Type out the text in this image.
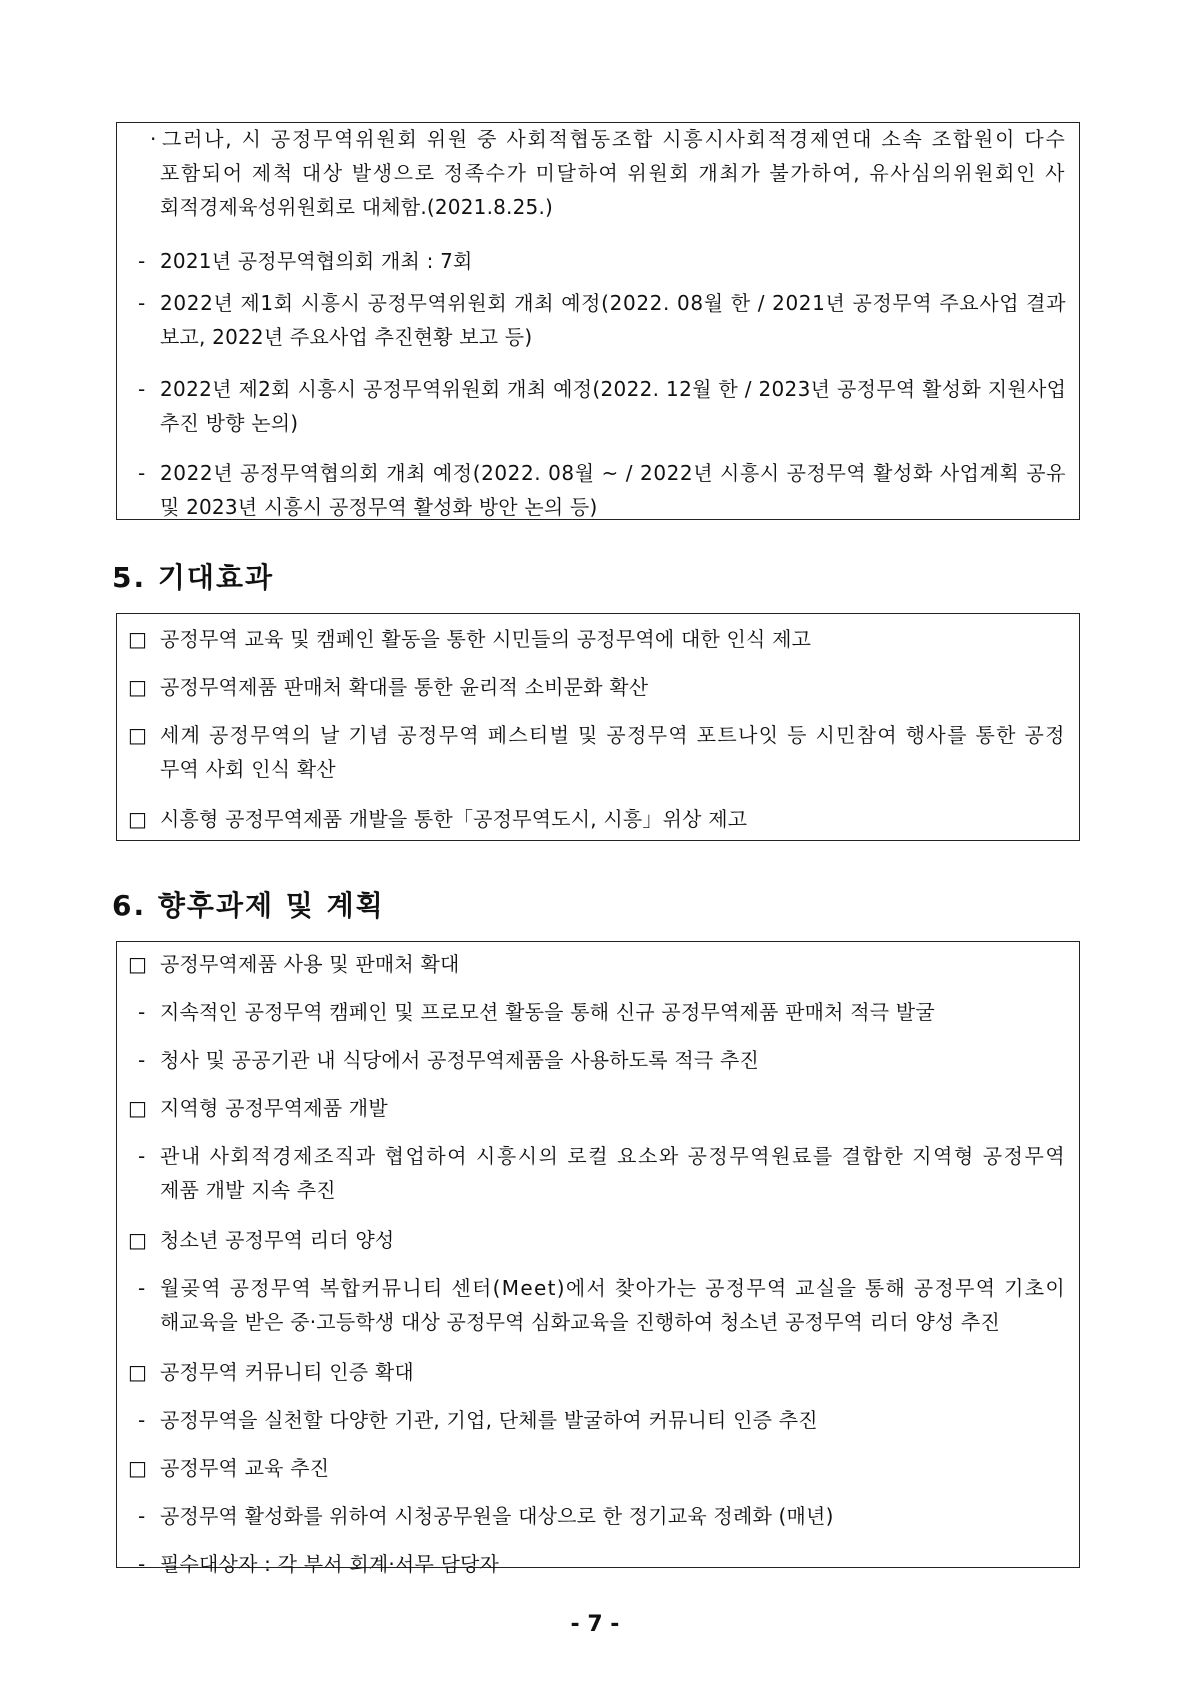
· 그러나, 시 공정무역위원회 위원 중 사회적협동조합 시흥시사회적경제연대 소속 조합원이 다수
포함되어 제척 대상 발생으로 정족수가 미달하여 위원회 개최가 불가하여, 유사심의위원회인 사
회적경제육성위원회로 대체함.(2021.8.25.)
- 2021년 공정무역협의회 개최 : 7회
- 2022년 제1회 시흥시 공정무역위원회 개최 예정(2022. 08월 한 / 2021년 공정무역 주요사업 결과
보고, 2022년 주요사업 추진현황 보고 등)
- 2022년 제2회 시흥시 공정무역위원회 개최 예정(2022. 12월 한 / 2023년 공정무역 활성화 지원사업
추진 방향 논의)
- 2022년 공정무역협의회 개최 예정(2022. 08월 ~ / 2022년 시흥시 공정무역 활성화 사업계획 공유
및 2023년 시흥시 공정무역 활성화 방안 논의 등)
5. 기대효과
□ 공정무역 교육 및 캠페인 활동을 통한 시민들의 공정무역에 대한 인식 제고
□ 공정무역제품 판매처 확대를 통한 윤리적 소비문화 확산
□ 세계 공정무역의 날 기념 공정무역 페스티벌 및 공정무역 포트나잇 등 시민참여 행사를 통한 공정
무역 사회 인식 확산
□ 시흥형 공정무역제품 개발을 통한「공정무역도시, 시흥」위상 제고
6. 향후과제 및 계획
□ 공정무역제품 사용 및 판매처 확대
- 지속적인 공정무역 캠페인 및 프로모션 활동을 통해 신규 공정무역제품 판매처 적극 발굴
- 청사 및 공공기관 내 식당에서 공정무역제품을 사용하도록 적극 추진
□ 지역형 공정무역제품 개발
- 관내 사회적경제조직과 협업하여 시흥시의 로컬 요소와 공정무역원료를 결합한 지역형 공정무역
제품 개발 지속 추진
□ 청소년 공정무역 리더 양성
- 월곶역 공정무역 복합커뮤니티 센터(Meet)에서 찾아가는 공정무역 교실을 통해 공정무역 기초이
해교육을 받은 중·고등학생 대상 공정무역 심화교육을 진행하여 청소년 공정무역 리더 양성 추진
□ 공정무역 커뮤니티 인증 확대
- 공정무역을 실천할 다양한 기관, 기업, 단체를 발굴하여 커뮤니티 인증 추진
□ 공정무역 교육 추진
- 공정무역 활성화를 위하여 시청공무원을 대상으로 한 정기교육 정례화 (매년)
- 필수대상자 : 각 부서 회계·서무 담당자
- 7 -
